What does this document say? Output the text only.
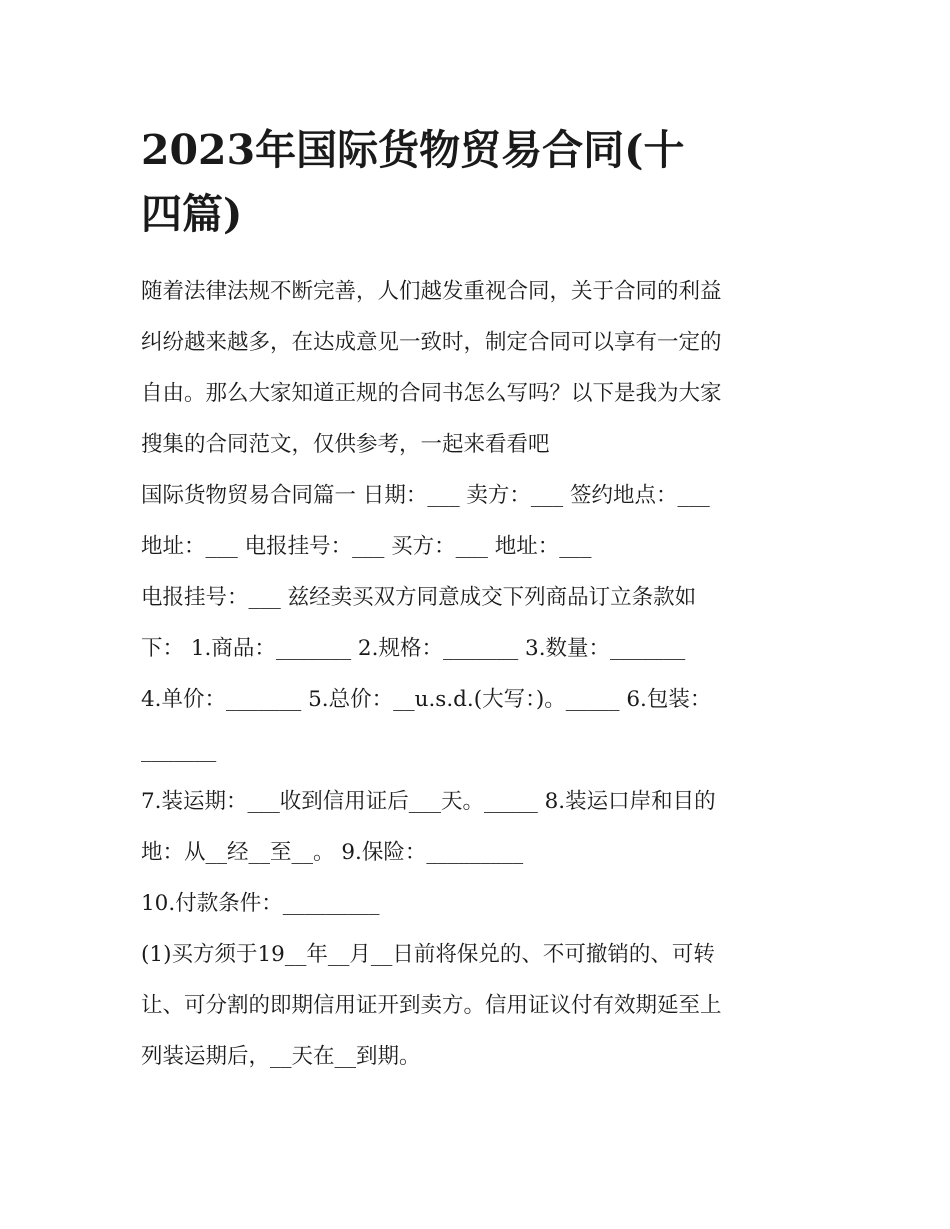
2023年国际货物贸易合同(十
四篇)
随着法律法规不断完善，人们越发重视合同，关于合同的利益
纠纷越来越多，在达成意见一致时，制定合同可以享有一定的
自由。那么大家知道正规的合同书怎么写吗？以下是我为大家
搜集的合同范文，仅供参考，一起来看看吧
国际货物贸易合同篇一 日期：___ 卖方：___ 签约地点：___
地址：___ 电报挂号：___ 买方：___ 地址：___
电报挂号：___ 兹经卖买双方同意成交下列商品订立条款如
下： 1.商品：_______ 2.规格：_______ 3.数量：_______
4.单价：_______ 5.总价：__u.s.d.(大写：)。_____ 6.包装：
_______
7.装运期：___收到信用证后___天。_____ 8.装运口岸和目的
地：从__经__至__。 9.保险：_________
10.付款条件：_________
(1)买方须于19__年__月__日前将保兑的、不可撤销的、可转
让、可分割的即期信用证开到卖方。信用证议付有效期延至上
列装运期后，__天在__到期。
